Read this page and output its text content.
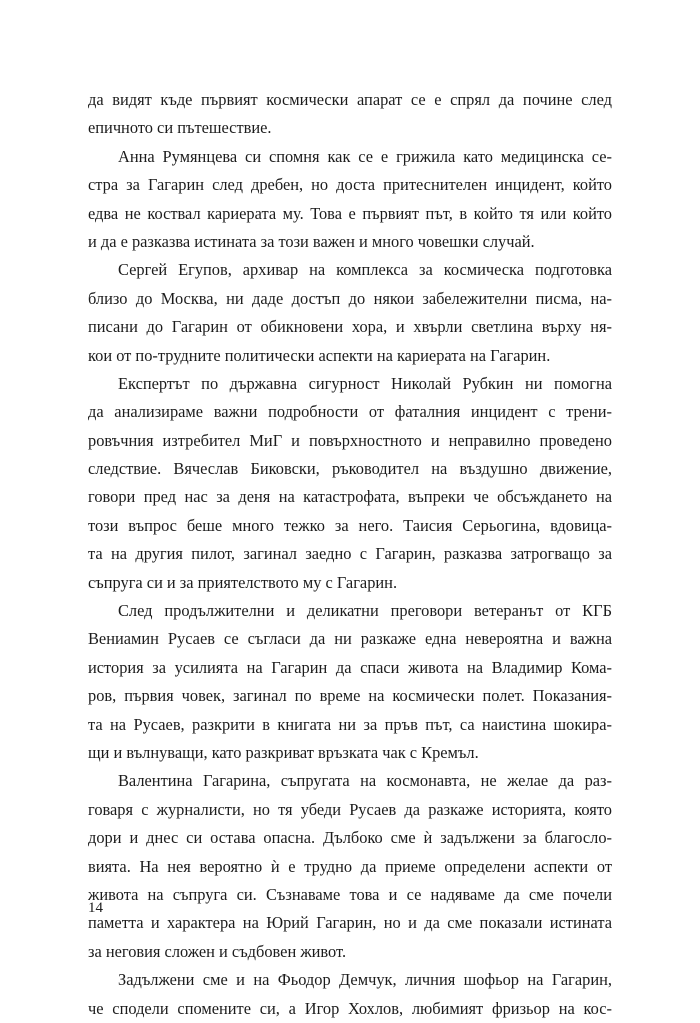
да видят къде първият космически апарат се е спрял да почине след
епичното си пътешествие.
Анна Румянцева си спомня как се е грижила като медицинска се-
стра за Гагарин след дребен, но доста притеснителен инцидент, който
едва не коствал кариерата му. Това е първият път, в който тя или който
и да е разказва истината за този важен и много човешки случай.
Сергей Егупов, архивар на комплекса за космическа подготовка
близо до Москва, ни даде достъп до някои забележителни писма, на-
писани до Гагарин от обикновени хора, и хвърли светлина върху ня-
кои от по-трудните политически аспекти на кариерата на Гагарин.
Експертът по държавна сигурност Николай Рубкин ни помогна
да анализираме важни подробности от фаталния инцидент с трени-
ровъчния изтребител МиГ и повърхностното и неправилно проведено
следствие. Вячеслав Биковски, ръководител на въздушно движение,
говори пред нас за деня на катастрофата, въпреки че обсъждането на
този въпрос беше много тежко за него. Таисия Серьогина, вдовица-
та на другия пилот, загинал заедно с Гагарин, разказва затрогващо за
съпруга си и за приятелството му с Гагарин.
След продължителни и деликатни преговори ветеранът от КГБ
Вениамин Русаев се съгласи да ни разкаже една невероятна и важна
история за усилията на Гагарин да спаси живота на Владимир Кома-
ров, първия човек, загинал по време на космически полет. Показания-
та на Русаев, разкрити в книгата ни за пръв път, са наистина шокира-
щи и вълнуващи, като разкриват връзката чак с Кремъл.
Валентина Гагарина, съпругата на космонавта, не желае да раз-
говаря с журналисти, но тя убеди Русаев да разкаже историята, която
дори и днес си остава опасна. Дълбоко сме ѝ задължени за благосло-
вията. На нея вероятно ѝ е трудно да приеме определени аспекти от
живота на съпруга си. Съзнаваме това и се надяваме да сме почели
паметта и характера на Юрий Гагарин, но и да сме показали истината
за неговия сложен и съдбовен живот.
Задължени сме и на Фьодор Демчук, личния шофьор на Гагарин,
че сподели спомените си, а Игор Хохлов, любимият фризьор на кос-
14
